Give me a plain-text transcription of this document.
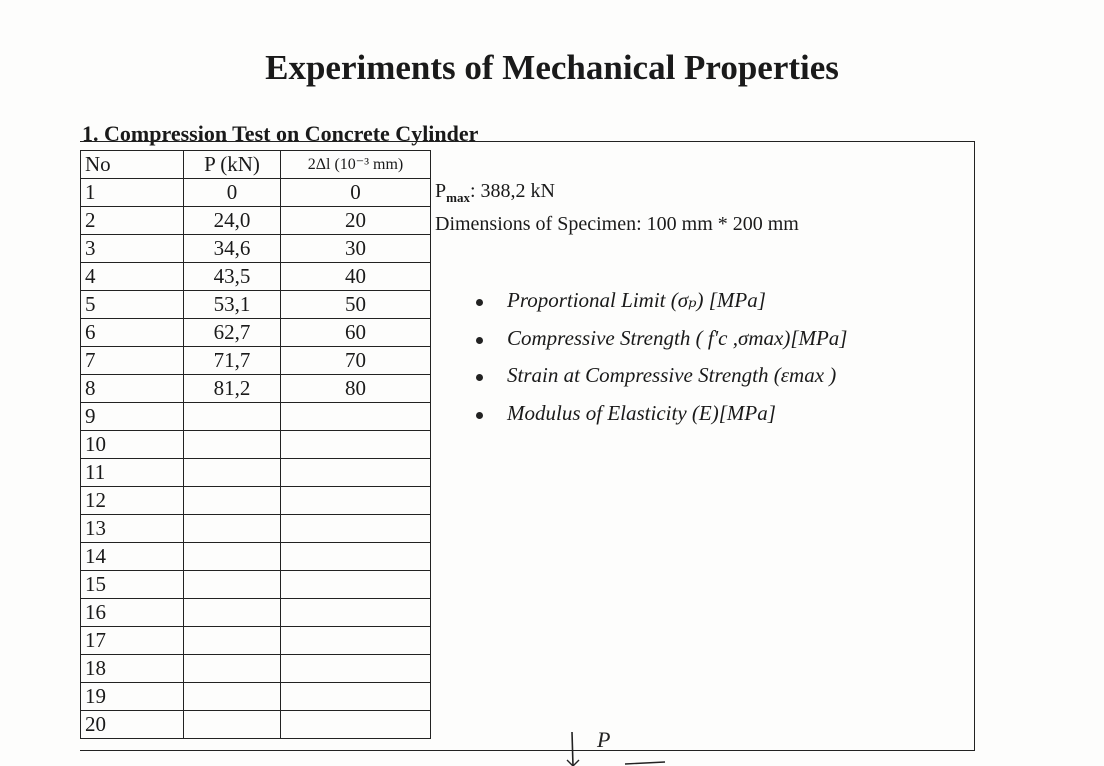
Experiments of Mechanical Properties
1. Compression Test on Concrete Cylinder
No	P (kN)	2Δl (10⁻³ mm)
1	0	0
2	24,0	20
3	34,6	30
4	43,5	40
5	53,1	50
6	62,7	60
7	71,7	70
8	81,2	80
9		
10		
11		
12		
13		
14		
15		
16		
17		
18		
19		
20		
$P_{max}$: 388,2 kN
Dimensions of Specimen: 100 mm * 200 mm
Proportional Limit (σₚ) [MPa]
Compressive Strength ( f'c ,σmax)[MPa]
Strain at Compressive Strength (εmax )
Modulus of Elasticity (E)[MPa]
P
